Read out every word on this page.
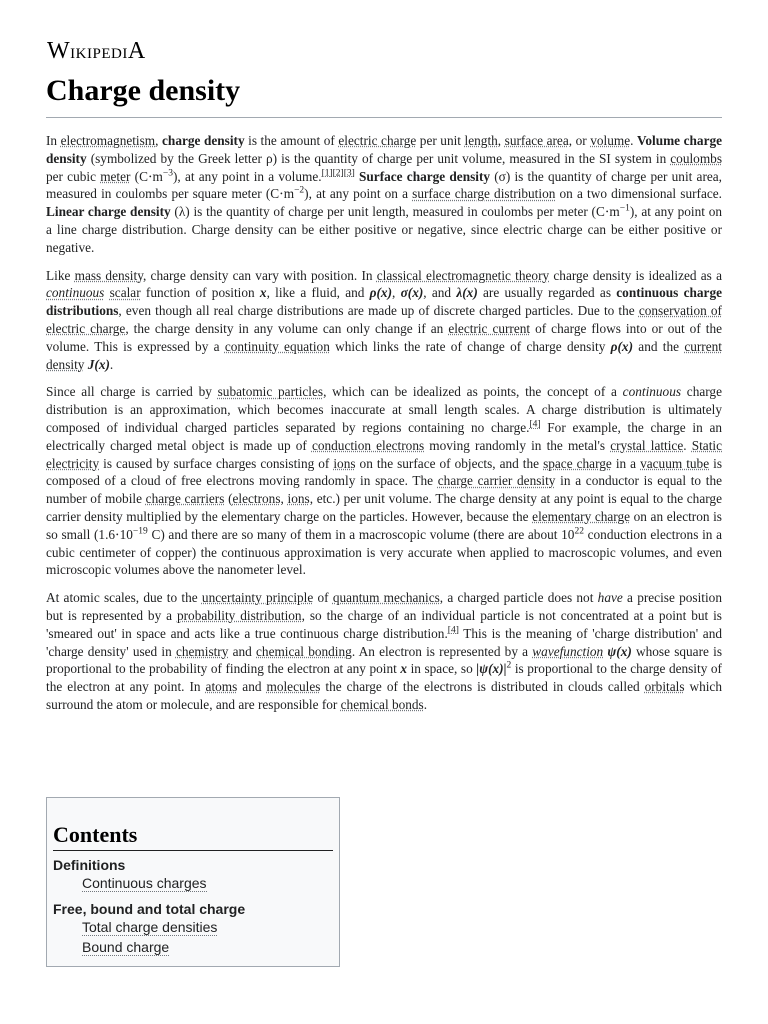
WikipediA
Charge density

In electromagnetism, charge density is the amount of electric charge per unit length, surface area, or volume. Volume charge density (symbolized by the Greek letter ρ) is the quantity of charge per unit volume, measured in the SI system in coulombs per cubic meter $(C\cdot m^{-3})$, at any point in a volume.[1][2][3] Surface charge density (σ) is the quantity of charge per unit area, measured in coulombs per square meter $(C\cdot m^{-2})$, at any point on a surface charge distribution on a two dimensional surface. Linear charge density (λ) is the quantity of charge per unit length, measured in coulombs per meter $(C\cdot m^{-1})$, at any point on a line charge distribution. Charge density can be either positive or negative, since electric charge can be either positive or negative.

Like mass density, charge density can vary with position. In classical electromagnetic theory charge density is idealized as a continuous scalar function of position x, like a fluid, and ρ(x), σ(x), and λ(x) are usually regarded as continuous charge distributions, even though all real charge distributions are made up of discrete charged particles. Due to the conservation of electric charge, the charge density in any volume can only change if an electric current of charge flows into or out of the volume. This is expressed by a continuity equation which links the rate of change of charge density ρ(x) and the current density J(x).

Since all charge is carried by subatomic particles, which can be idealized as points, the concept of a continuous charge distribution is an approximation, which becomes inaccurate at small length scales. A charge distribution is ultimately composed of individual charged particles separated by regions containing no charge.[4] For example, the charge in an electrically charged metal object is made up of conduction electrons moving randomly in the metal's crystal lattice. Static electricity is caused by surface charges consisting of ions on the surface of objects, and the space charge in a vacuum tube is composed of a cloud of free electrons moving randomly in space. The charge carrier density in a conductor is equal to the number of mobile charge carriers (electrons, ions, etc.) per unit volume. The charge density at any point is equal to the charge carrier density multiplied by the elementary charge on the particles. However, because the elementary charge on an electron is so small ($1.6\cdot 10^{-19}$ C) and there are so many of them in a macroscopic volume (there are about $10^{22}$ conduction electrons in a cubic centimeter of copper) the continuous approximation is very accurate when applied to macroscopic volumes, and even microscopic volumes above the nanometer level.

At atomic scales, due to the uncertainty principle of quantum mechanics, a charged particle does not have a precise position but is represented by a probability distribution, so the charge of an individual particle is not concentrated at a point but is 'smeared out' in space and acts like a true continuous charge distribution.[4] This is the meaning of 'charge distribution' and 'charge density' used in chemistry and chemical bonding. An electron is represented by a wavefunction ψ(x) whose square is proportional to the probability of finding the electron at any point x in space, so $|\psi(x)|^2$ is proportional to the charge density of the electron at any point. In atoms and molecules the charge of the electrons is distributed in clouds called orbitals which surround the atom or molecule, and are responsible for chemical bonds.

Contents
Definitions
Continuous charges
Free, bound and total charge
Total charge densities
Bound charge
